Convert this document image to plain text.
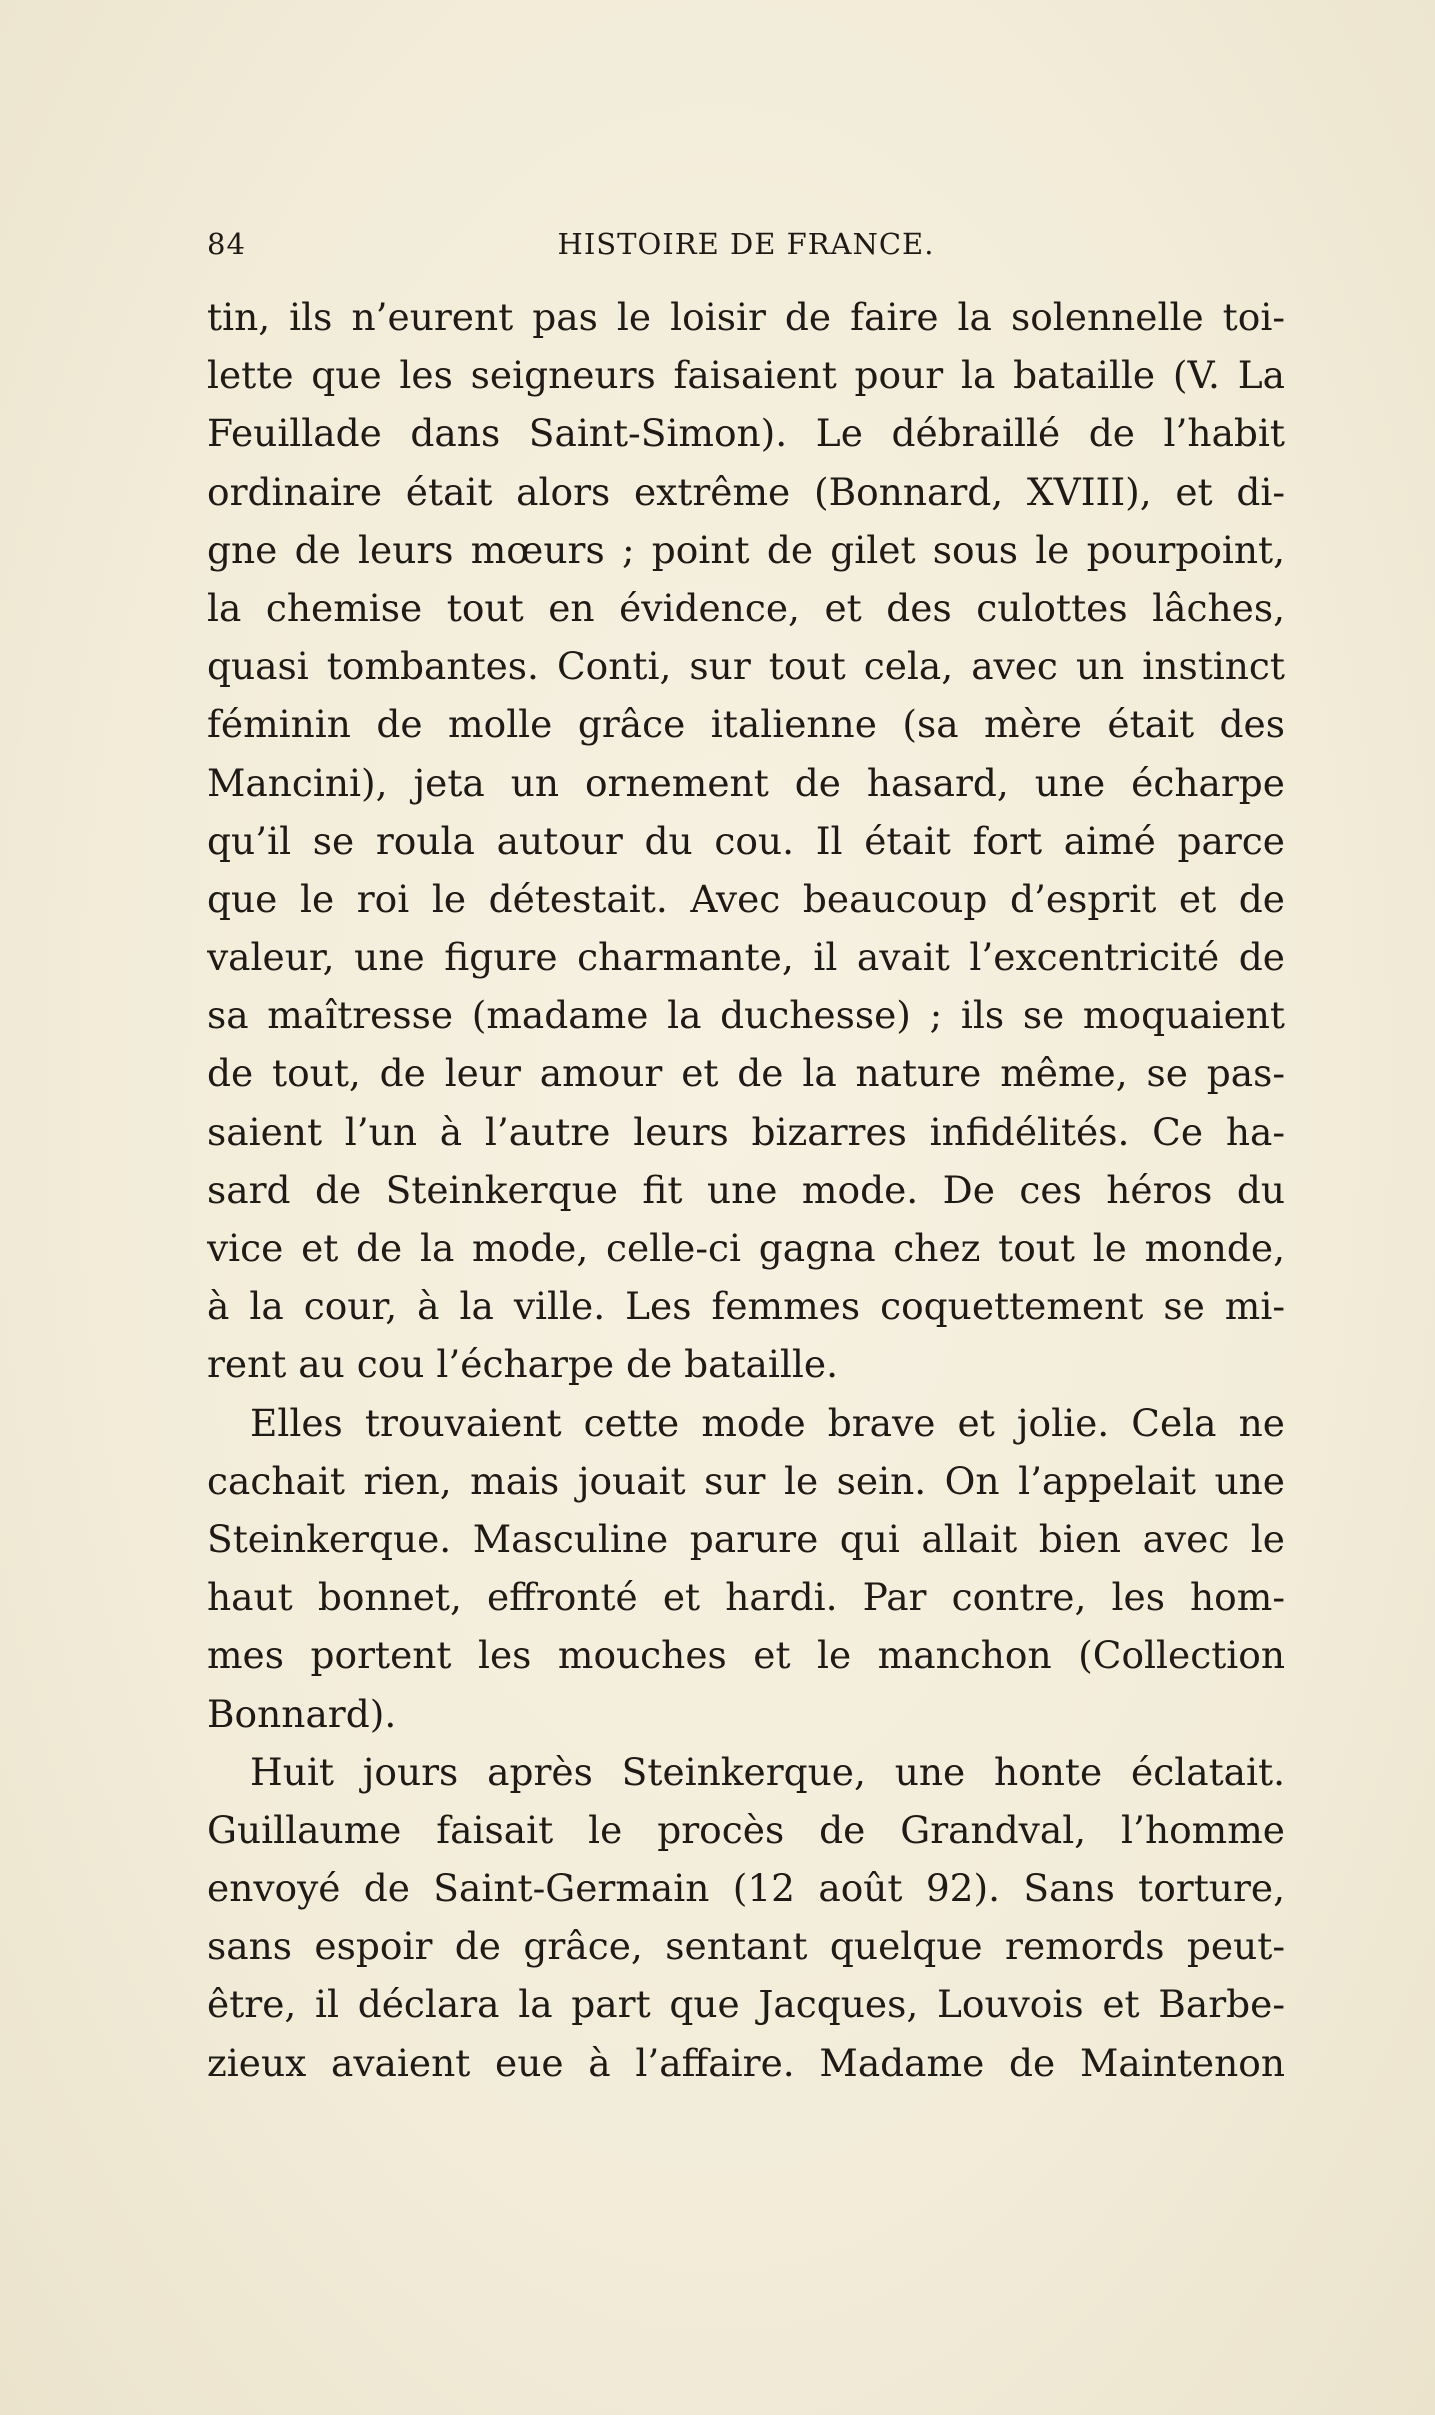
84	HISTOIRE DE FRANCE.
tin, ils n’eurent pas le loisir de faire la solennelle toi-
lette que les seigneurs faisaient pour la bataille (V. La
Feuillade dans Saint-Simon). Le débraillé de l’habit
ordinaire était alors extrême (Bonnard, XVIII), et di-
gne de leurs mœurs ; point de gilet sous le pourpoint,
la chemise tout en évidence, et des culottes lâches,
quasi tombantes. Conti, sur tout cela, avec un instinct
féminin de molle grâce italienne (sa mère était des
Mancini), jeta un ornement de hasard, une écharpe
qu’il se roula autour du cou. Il était fort aimé parce
que le roi le détestait. Avec beaucoup d’esprit et de
valeur, une figure charmante, il avait l’excentricité de
sa maîtresse (madame la duchesse) ; ils se moquaient
de tout, de leur amour et de la nature même, se pas-
saient l’un à l’autre leurs bizarres infidélités. Ce ha-
sard de Steinkerque fit une mode. De ces héros du
vice et de la mode, celle-ci gagna chez tout le monde,
à la cour, à la ville. Les femmes coquettement se mi-
rent au cou l’écharpe de bataille.
Elles trouvaient cette mode brave et jolie. Cela ne
cachait rien, mais jouait sur le sein. On l’appelait une
Steinkerque. Masculine parure qui allait bien avec le
haut bonnet, effronté et hardi. Par contre, les hom-
mes portent les mouches et le manchon (Collection
Bonnard).
Huit jours après Steinkerque, une honte éclatait.
Guillaume faisait le procès de Grandval, l’homme
envoyé de Saint-Germain (12 août 92). Sans torture,
sans espoir de grâce, sentant quelque remords peut-
être, il déclara la part que Jacques, Louvois et Barbe-
zieux avaient eue à l’affaire. Madame de Maintenon
